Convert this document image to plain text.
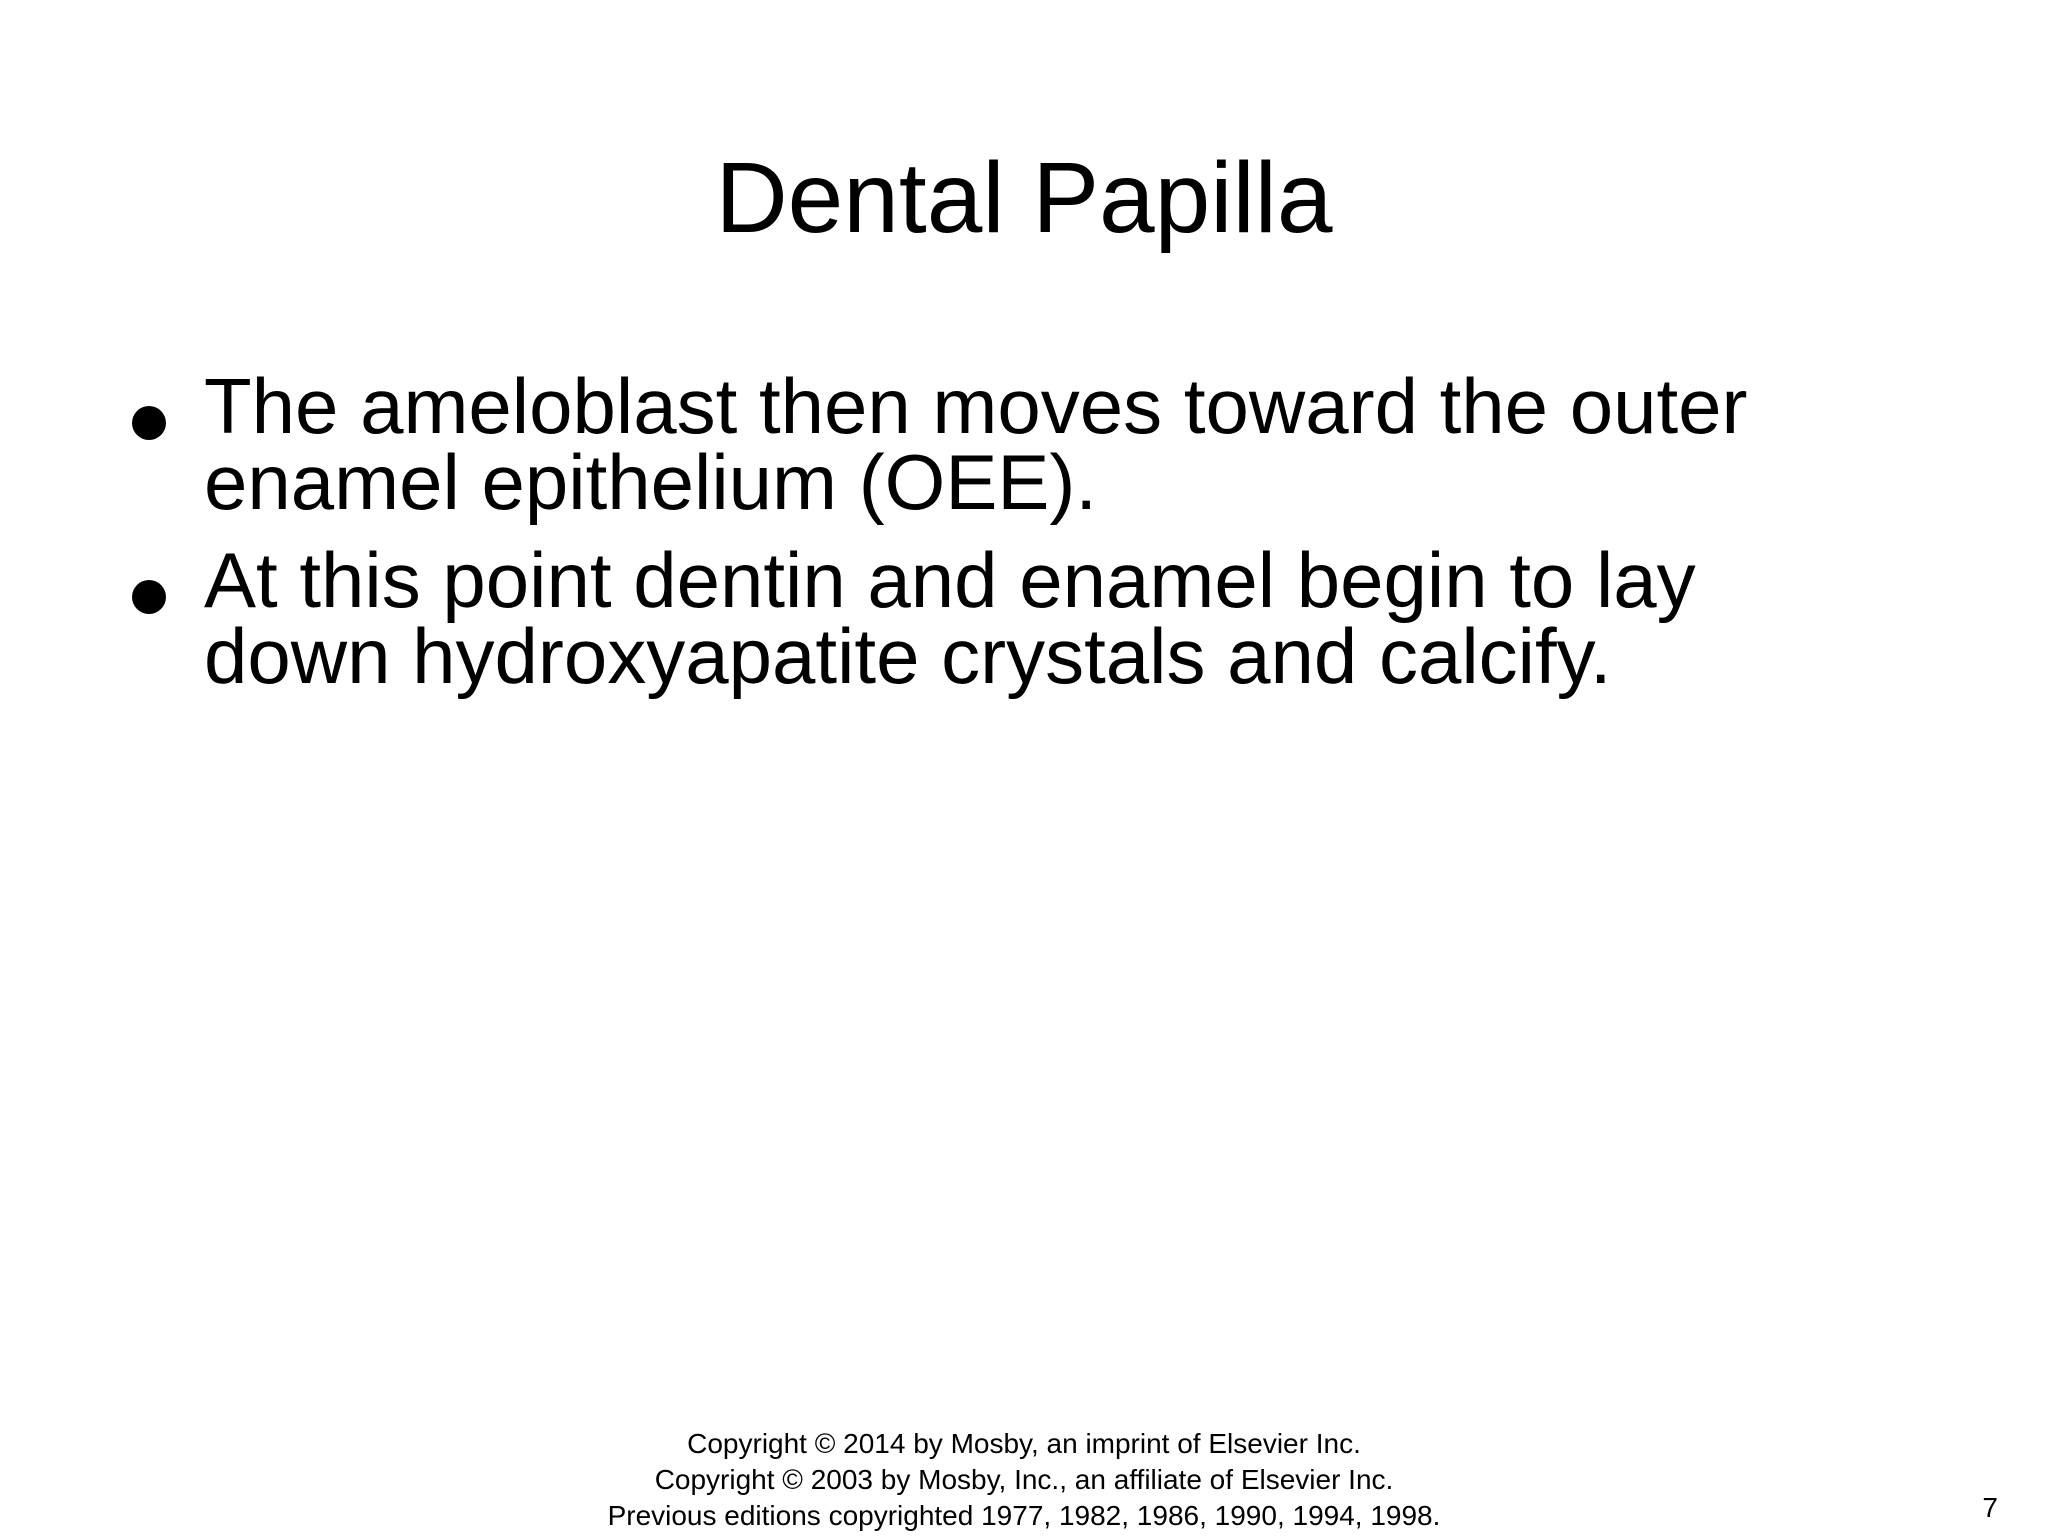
Dental Papilla
The ameloblast then moves toward the outer
enamel epithelium (OEE).
At this point dentin and enamel begin to lay
down hydroxyapatite crystals and calcify.
Copyright © 2014 by Mosby, an imprint of Elsevier Inc.
Copyright © 2003 by Mosby, Inc., an affiliate of Elsevier Inc.
Previous editions copyrighted 1977, 1982, 1986, 1990, 1994, 1998.	7
